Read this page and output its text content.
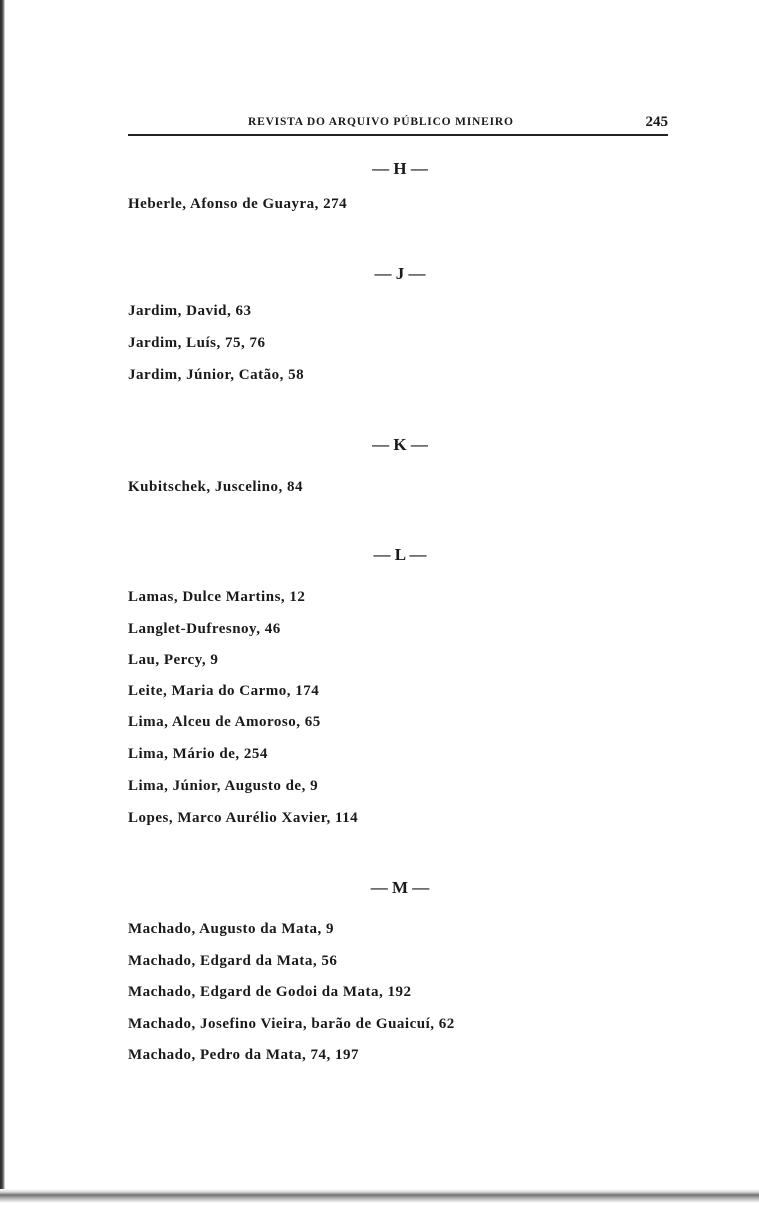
REVISTA DO ARQUIVO PÚBLICO MINEIRO	245
— H —
Heberle, Afonso de Guayra, 274
— J —
Jardim, David, 63
Jardim, Luís, 75, 76
Jardim, Júnior, Catão, 58
— K —
Kubitschek, Juscelino, 84
— L —
Lamas, Dulce Martins, 12
Langlet-Dufresnoy, 46
Lau, Percy, 9
Leite, Maria do Carmo, 174
Lima, Alceu de Amoroso, 65
Lima, Mário de, 254
Lima, Júnior, Augusto de, 9
Lopes, Marco Aurélio Xavier, 114
— M —
Machado, Augusto da Mata, 9
Machado, Edgard da Mata, 56
Machado, Edgard de Godoi da Mata, 192
Machado, Josefino Vieira, barão de Guaicuí, 62
Machado, Pedro da Mata, 74, 197
